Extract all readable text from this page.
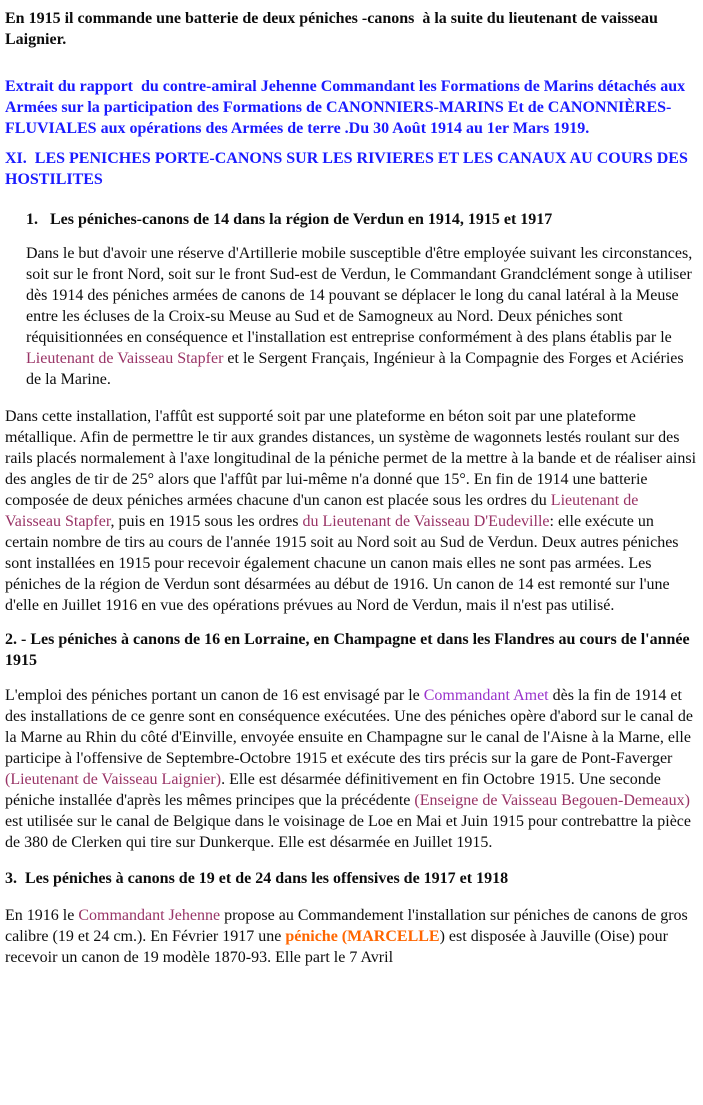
En 1915 il commande une batterie de deux péniches -canons  à la suite du lieutenant de vaisseau Laignier.

Extrait du rapport  du contre-amiral Jehenne Commandant les Formations de Marins détachés aux Armées sur la participation des Formations de CANONNIERS-MARINS Et de CANONNIÈRES-FLUVIALES aux opérations des Armées de terre .Du 30 Août 1914 au 1er Mars 1919.

XI.  LES PENICHES PORTE-CANONS SUR LES RIVIERES ET LES CANAUX AU COURS DES HOSTILITES

1.   Les péniches-canons de 14 dans la région de Verdun en 1914, 1915 et 1917

Dans le but d'avoir une réserve d'Artillerie mobile susceptible d'être employée suivant les circonstances, soit sur le front Nord, soit sur le front Sud-est de Verdun, le Commandant Grandclément songe à utiliser dès 1914 des péniches armées de canons de 14 pouvant se déplacer le long du canal latéral à la Meuse entre les écluses de la Croix-su Meuse au Sud et de Samogneux au Nord. Deux péniches sont réquisitionnées en conséquence et l'installation est entreprise conformément à des plans établis par le Lieutenant de Vaisseau Stapfer et le Sergent Français, Ingénieur à la Compagnie des Forges et Aciéries de la Marine.

Dans cette installation, l'affût est supporté soit par une plateforme en béton soit par une plateforme métallique. Afin de permettre le tir aux grandes distances, un système de wagonnets lestés roulant sur des rails placés normalement à l'axe longitudinal de la péniche permet de la mettre à la bande et de réaliser ainsi des angles de tir de 25° alors que l'affût par lui-même n'a donné que 15°. En fin de 1914 une batterie composée de deux péniches armées chacune d'un canon est placée sous les ordres du Lieutenant de Vaisseau Stapfer, puis en 1915 sous les ordres du Lieutenant de Vaisseau D'Eudeville: elle exécute un certain nombre de tirs au cours de l'année 1915 soit au Nord soit au Sud de Verdun. Deux autres péniches sont installées en 1915 pour recevoir également chacune un canon mais elles ne sont pas armées. Les péniches de la région de Verdun sont désarmées au début de 1916. Un canon de 14 est remonté sur l'une d'elle en Juillet 1916 en vue des opérations prévues au Nord de Verdun, mais il n'est pas utilisé.

2. - Les péniches à canons de 16 en Lorraine, en Champagne et dans les Flandres au cours de l'année 1915

L'emploi des péniches portant un canon de 16 est envisagé par le Commandant Amet dès la fin de 1914 et des installations de ce genre sont en conséquence exécutées. Une des péniches opère d'abord sur le canal de la Marne au Rhin du côté d'Einville, envoyée ensuite en Champagne sur le canal de l'Aisne à la Marne, elle participe à l'offensive de Septembre-Octobre 1915 et exécute des tirs précis sur la gare de Pont-Faverger (Lieutenant de Vaisseau Laignier). Elle est désarmée définitivement en fin Octobre 1915. Une seconde péniche installée d'après les mêmes principes que la précédente (Enseigne de Vaisseau Begouen-Demeaux) est utilisée sur le canal de Belgique dans le voisinage de Loe en Mai et Juin 1915 pour contrebattre la pièce de 380 de Clerken qui tire sur Dunkerque. Elle est désarmée en Juillet 1915.

3.  Les péniches à canons de 19 et de 24 dans les offensives de 1917 et 1918

En 1916 le Commandant Jehenne propose au Commandement l'installation sur péniches de canons de gros calibre (19 et 24 cm.). En Février 1917 une péniche (MARCELLE) est disposée à Jauville (Oise) pour recevoir un canon de 19 modèle 1870-93. Elle part le 7 Avril
